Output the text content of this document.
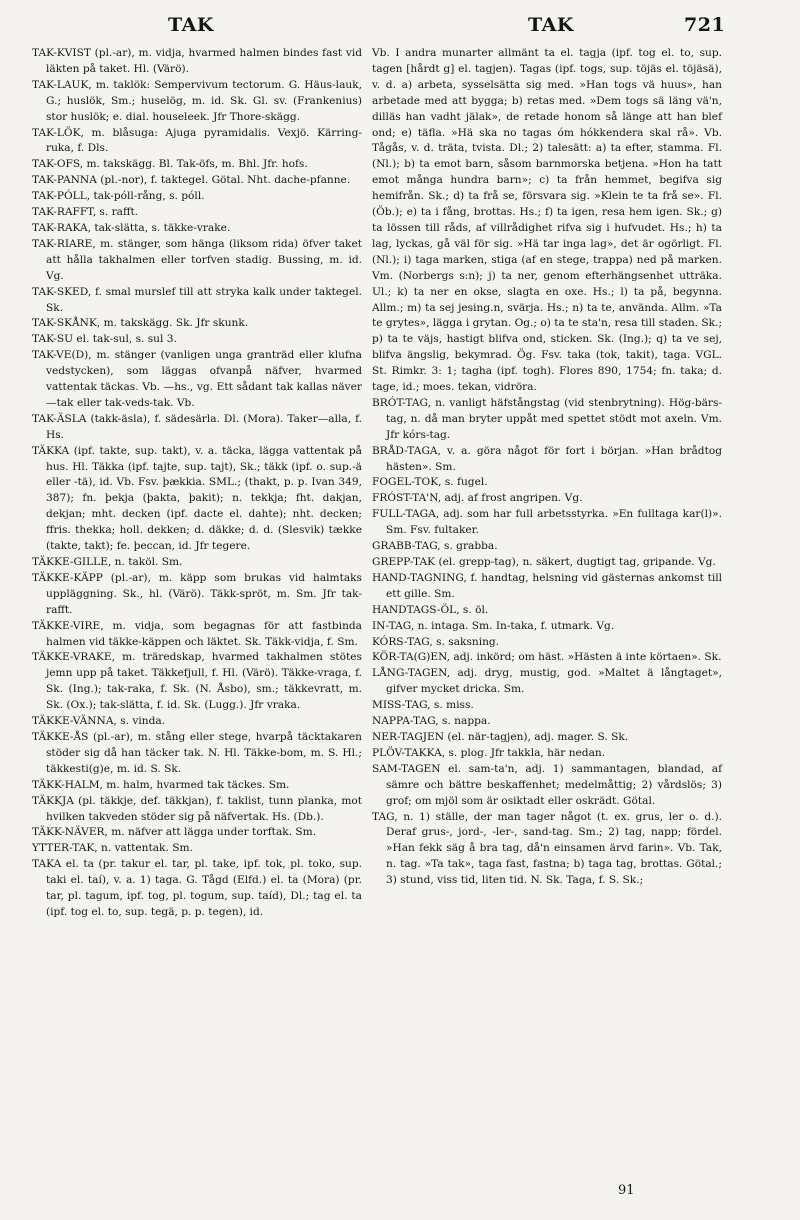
TAK	TAK	721

TAK-KVIST (pl.-ar), m. vidja, hvarmed halmen bindes fast vid läkten på taket. Hl. (Värö).

TAK-LAUK, m. taklök: Sempervivum tectorum. G. Häus-lauk, G.; huslök, Sm.; huselög, m. id. Sk. Gl. sv. (Frankenius) stor huslök; e. dial. houseleek. Jfr Thore-skägg.

TAK-LÖK, m. blåsuga: Ajuga pyramidalis. Vexjö. Kärring-ruka, f. Dls.

TAK-OFS, m. takskägg. Bl. Tak-öfs, m. Bhl. Jfr. hofs.

TAK-PANNA (pl.-nor), f. taktegel. Götal. Nht. dache-pfanne.

TAK-PÓLL, tak-póll-rång, s. póll.

TAK-RAFFT, s. rafft.

TAK-RAKA, tak-slätta, s. täkke-vrake.

TAK-RIARE, m. stänger, som hänga (liksom rida) öfver taket att hålla takhalmen eller torfven stadig. Bussing, m. id. Vg.

TAK-SKED, f. smal murslef till att stryka kalk under taktegel. Sk.

TAK-SKÅNK, m. takskägg. Sk. Jfr skunk.

TAK-SU el. tak-sul, s. sul 3.

TAK-VE(D), m. stänger (vanligen unga granträd eller klufna vedstycken), som läggas ofvanpå näfver, hvarmed vattentak täckas. Vb. —hs., vg. Ett sådant tak kallas näver—tak eller tak-veds-tak. Vb.

TAK-ÄSLA (takk-äsla), f. sädesärla. Dl. (Mora). Taker—alla, f. Hs.

TÄKKA (ipf. takte, sup. takt), v. a. täcka, lägga vattentak på hus. Hl. Täkka (ipf. tajte, sup. tajt), Sk.; täkk (ipf. o. sup.-ä eller -tä), id. Vb. Fsv. þækkia. SML.; (thakt, p. p. Ivan 349, 387); fn. þekja (þakta, þakit); n. tekkja; fht. dakjan, dekjan; mht. decken (ipf. dacte el. dahte); nht. decken; ffris. thekka; holl. dekken; d. däkke; d. d. (Slesvik) tække (takte, takt); fe. þeccan, id. Jfr tegere.

TÄKKE-GILLE, n. taköl. Sm.

TÄKKE-KÄPP (pl.-ar), m. käpp som brukas vid halmtaks uppläggning. Sk., hl. (Värö). Täkk-spröt, m. Sm. Jfr tak-rafft.

TÄKKE-VIRE, m. vidja, som begagnas för att fastbinda halmen vid täkke-käppen och läktet. Sk. Täkk-vidja, f. Sm.

TÄKKE-VRAKE, m. träredskap, hvarmed takhalmen stötes jemn upp på taket. Täkkefjull, f. Hl. (Värö). Täkke-vraga, f. Sk. (Ing.); tak-raka, f. Sk. (N. Åsbo), sm.; täkkevratt, m. Sk. (Ox.); tak-slätta, f. id. Sk. (Lugg.). Jfr vraka.

TÄKKE-VÄNNA, s. vinda.

TÄKKE-ÅS (pl.-ar), m. stång eller stege, hvarpå täcktakaren stöder sig då han täcker tak. N. Hl. Täkke-bom, m. S. Hl.; täkkesti(g)e, m. id. S. Sk.

TÄKK-HALM, m. halm, hvarmed tak täckes. Sm.

TÄKKJA (pl. täkkje, def. täkkjan), f. taklist, tunn planka, mot hvilken takveden stöder sig på näfvertak. Hs. (Db.).

TÄKK-NÄVER, m. näfver att lägga under torftak. Sm.

YTTER-TAK, n. vattentak. Sm.

TAKA el. ta (pr. takur el. tar, pl. take, ipf. tok, pl. toko, sup. taki el. taí), v. a. 1) taga. G. Tågd (Elfd.) el. ta (Mora) (pr. tar, pl. tagum, ipf. tog, pl. togum, sup. taíd), Dl.; tag el. ta (ipf. tog el. to, sup. tegä, p. p. tegen), id.

Vb. I andra munarter allmänt ta el. tagja (ipf. tog el. to, sup. tagen [hårdt g] el. tagjen). Tagas (ipf. togs, sup. töjäs el. töjäsä), v. d. a) arbeta, sysselsätta sig med. »Han togs vä huus», han arbetade med att bygga; b) retas med. »Dem togs sä läng vä'n, dilläs han vadht jälak», de retade honom så länge att han blef ond; e) täfla. »Hä ska no tagas óm hókkendera skal rå». Vb. Tågås, v. d. träta, tvista. Dl.; 2) talesätt: a) ta efter, stamma. Fl. (Nl.); b) ta emot barn, såsom barnmorska betjena. »Hon ha tatt emot många hundra barn»; c) ta från hemmet, begifva sig hemifrån. Sk.; d) ta frå se, försvara sig. »Klein te ta frå se». Fl. (Öb.); e) ta i fång, brottas. Hs.; f) ta igen, resa hem igen. Sk.; g) ta lössen till råds, af villrådighet rifva sig i hufvudet. Hs.; h) ta lag, lyckas, gå väl för sig. »Hä tar inga lag», det är ogörligt. Fl. (Nl.); i) taga marken, stiga (af en stege, trappa) ned på marken. Vm. (Norbergs s:n); j) ta ner, genom efterhängsenhet utträka. Ul.; k) ta ner en okse, slagta en oxe. Hs.; l) ta på, begynna. Allm.; m) ta sej jesing.n, svärja. Hs.; n) ta te, använda. Allm. »Ta te grytes», lägga i grytan. Og.; o) ta te sta'n, resa till staden. Sk.; p) ta te väjs, hastigt blifva ond, sticken. Sk. (Ing.); q) ta ve sej, blifva ängslig, bekymrad. Ög. Fsv. taka (tok, takit), taga. VGL. St. Rimkr. 3: 1; tagha (ipf. togh). Flores 890, 1754; fn. taka; d. tage, id.; moes. tekan, vidröra.

BRÓT-TAG, n. vanligt häfstångstag (vid stenbrytning). Hög-bärs-tag, n. då man bryter uppåt med spettet stödt mot axeln. Vm. Jfr kórs-tag.

BRÅD-TAGA, v. a. göra något för fort i början. »Han brådtog hästen». Sm.

FOGEL-TOK, s. fugel.

FRÓST-TA'N, adj. af frost angripen. Vg.

FULL-TAGA, adj. som har full arbetsstyrka. »En fulltaga kar(l)». Sm. Fsv. fultaker.

GRABB-TAG, s. grabba.

GREPP-TAK (el. grepp-tag), n. säkert, dugtigt tag, gripande. Vg.

HAND-TAGNING, f. handtag, helsning vid gästernas ankomst till ett gille. Sm.

HANDTAGS-ÖL, s. öl.

IN-TAG, n. intaga. Sm. In-taka, f. utmark. Vg.

KÓRS-TAG, s. saksning.

KÖR-TA(G)EN, adj. inkörd; om häst. »Hästen ä inte körtaen». Sk.

LÅNG-TAGEN, adj. dryg, mustig, god. »Maltet ä långtaget», gifver mycket dricka. Sm.

MISS-TAG, s. miss.

NAPPA-TAG, s. nappa.

NER-TAGJEN (el. när-tagjen), adj. mager. S. Sk.

PLÖV-TAKKA, s. plog. Jfr takkla, här nedan.

SAM-TAGEN el. sam-ta'n, adj. 1) sammantagen, blandad, af sämre och bättre beskaffenhet; medelmåttig; 2) vårdslös; 3) grof; om mjöl som är osiktadt eller oskrädt. Götal.

TAG, n. 1) ställe, der man tager något (t. ex. grus, ler o. d.). Deraf grus-, jord-, -ler-, sand-tag. Sm.; 2) tag, napp; fördel. »Han fekk säg å bra tag, då'n einsamen ärvd farin». Vb. Tak, n. tag. »Ta tak», taga fast, fastna; b) taga tag, brottas. Götal.; 3) stund, viss tid, liten tid. N. Sk. Taga, f. S. Sk.;

91
